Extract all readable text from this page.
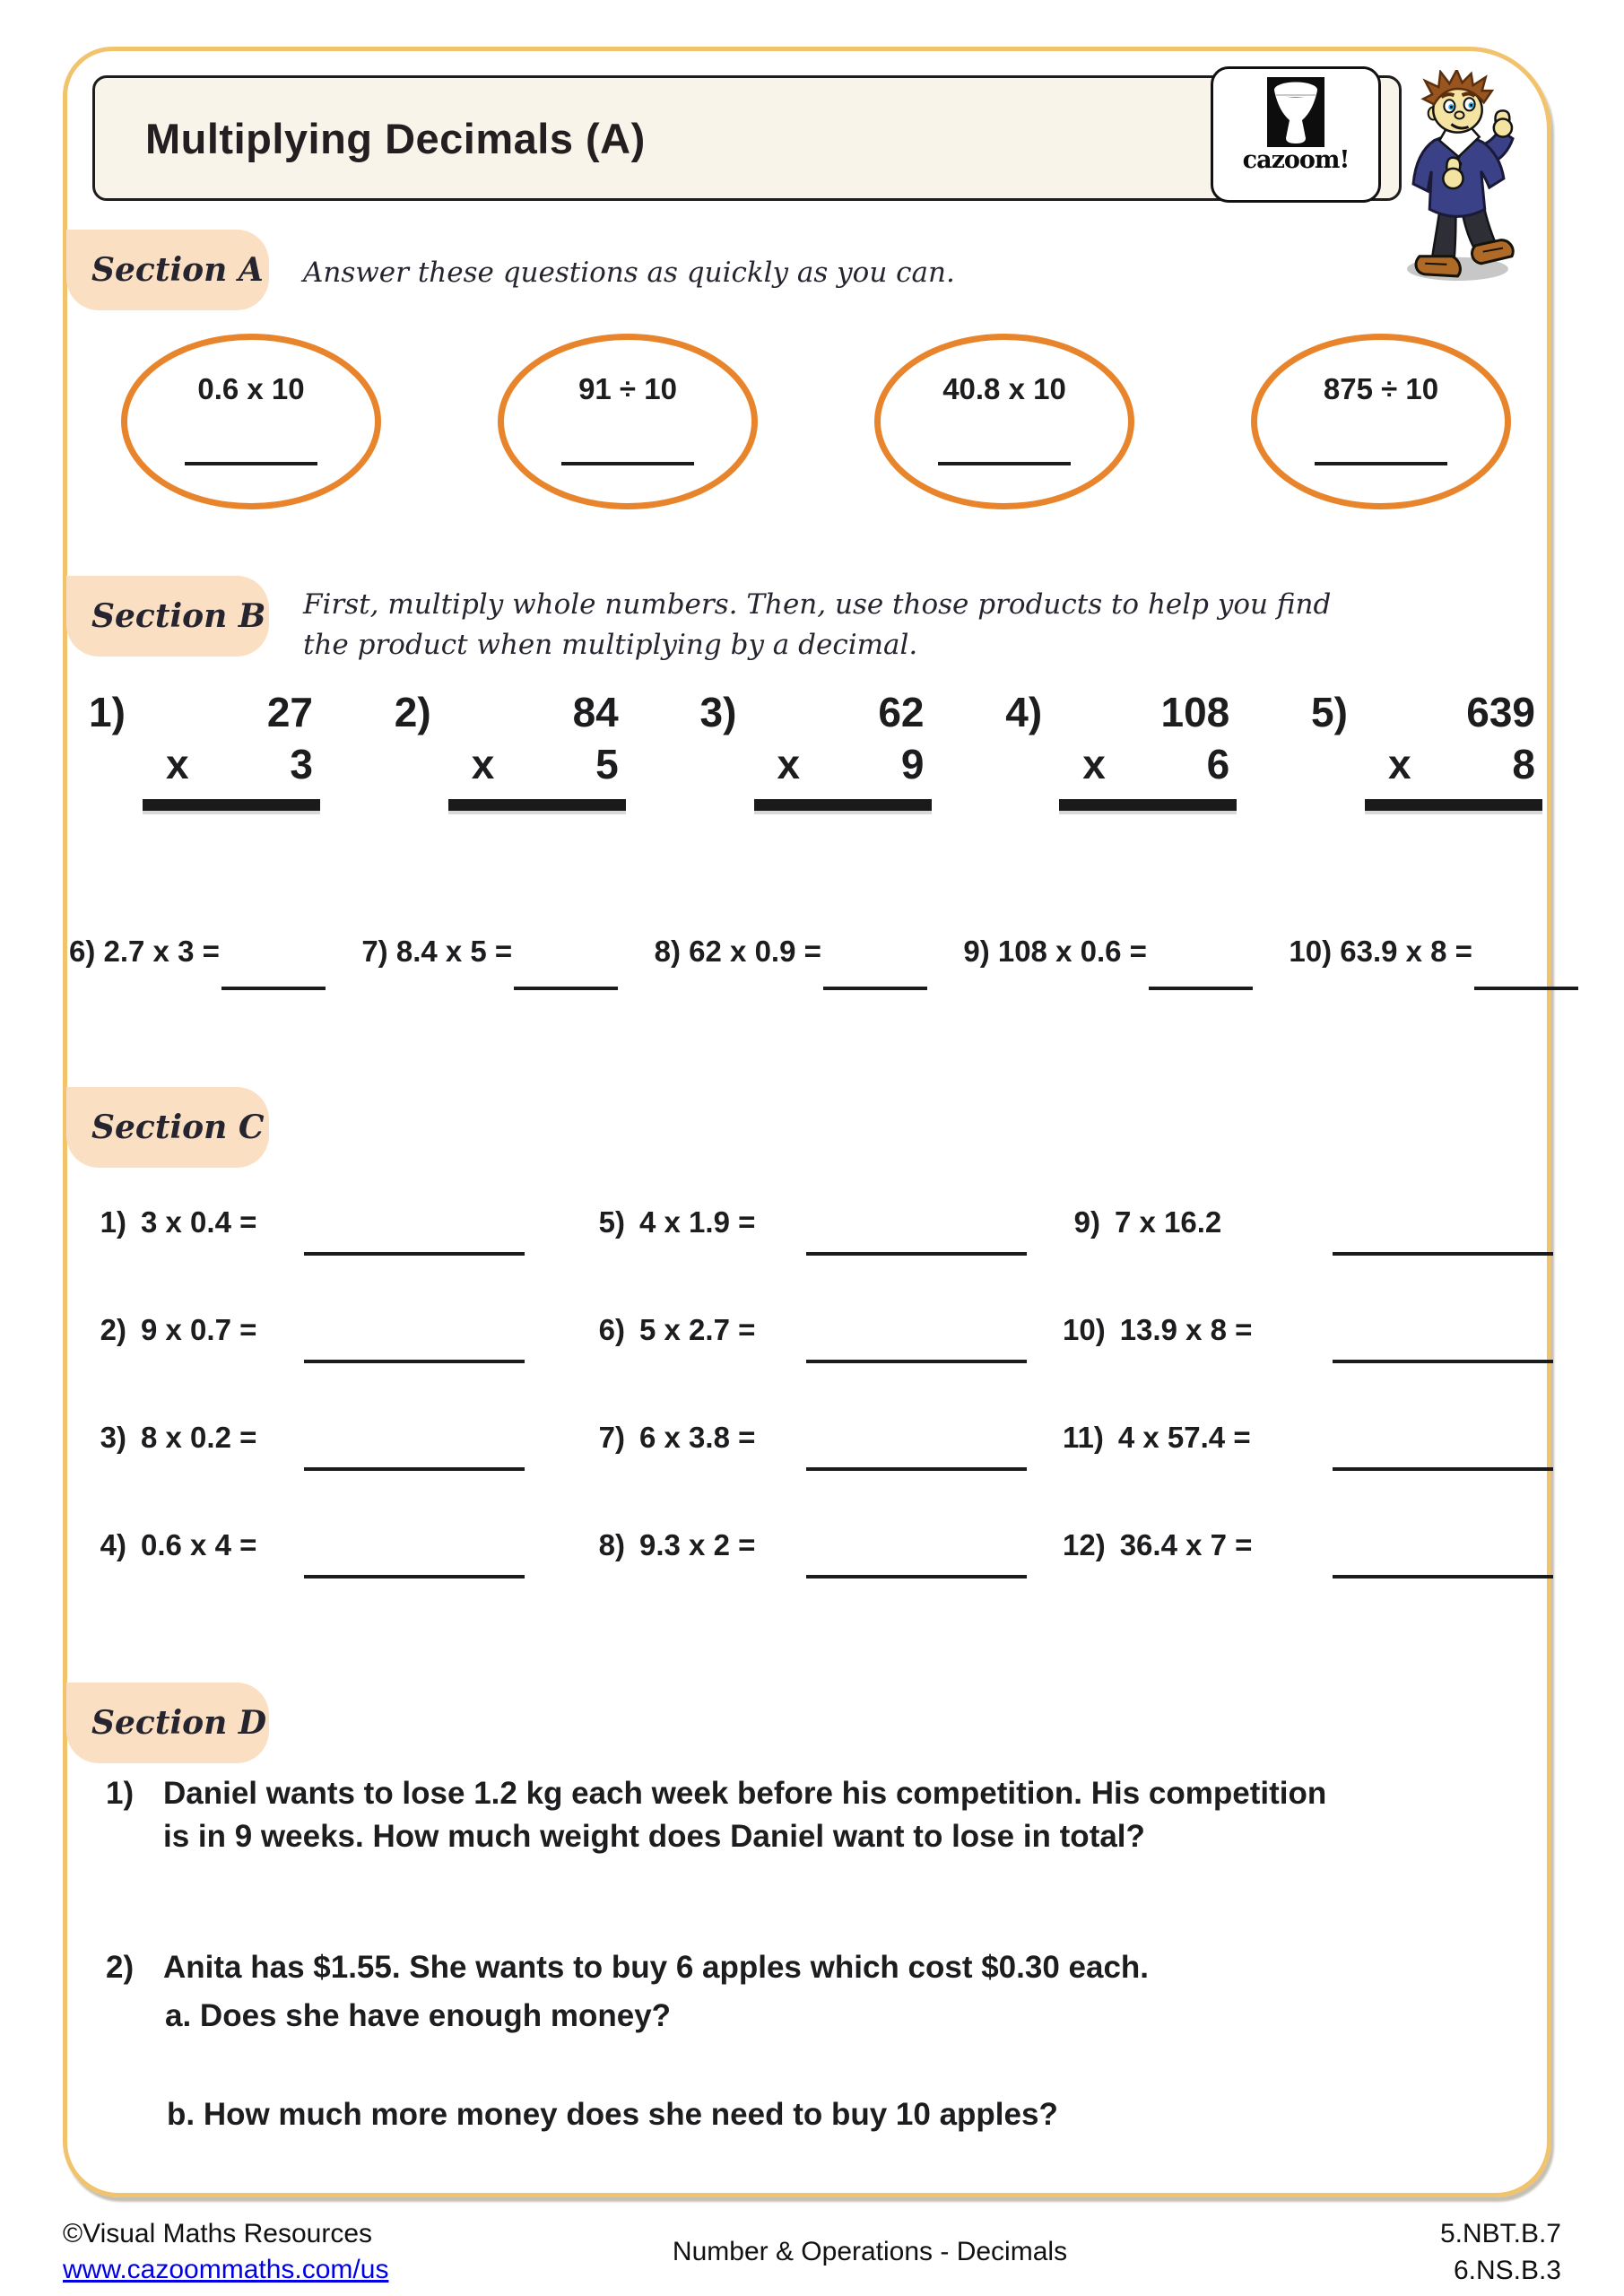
Multiplying Decimals (A)	cazoom!
Section A Answer these questions as quickly as you can.
0.6 x 10	91 ÷ 10	40.8 x 10	875 ÷ 10
Section B First, multiply whole numbers. Then, use those products to help you find
the product when multiplying by a decimal.
1)	27
x 3
2)	84
x 5
3)	62
x 9
4)	108
x 6
5)	639
x 8
6) 2.7 x 3 =	7) 8.4 x 5 =	8) 62 x 0.9 =	9) 108 x 0.6 =	10) 63.9 x 8 =
Section C
1) 3 x 0.4 =	5) 4 x 1.9 =	9) 7 x 16.2
2) 9 x 0.7 =	6) 5 x 2.7 =	10) 13.9 x 8 =
3) 8 x 0.2 =	7) 6 x 3.8 =	11) 4 x 57.4 =
4) 0.6 x 4 =	8) 9.3 x 2 =	12) 36.4 x 7 =
Section D
1) Daniel wants to lose 1.2 kg each week before his competition. His competition
is in 9 weeks. How much weight does Daniel want to lose in total?
2) Anita has $1.55. She wants to buy 6 apples which cost $0.30 each.
a. Does she have enough money?
b. How much more money does she need to buy 10 apples?
©Visual Maths Resources
www.cazoommaths.com/us
Number & Operations - Decimals
5.NBT.B.7
6.NS.B.3
